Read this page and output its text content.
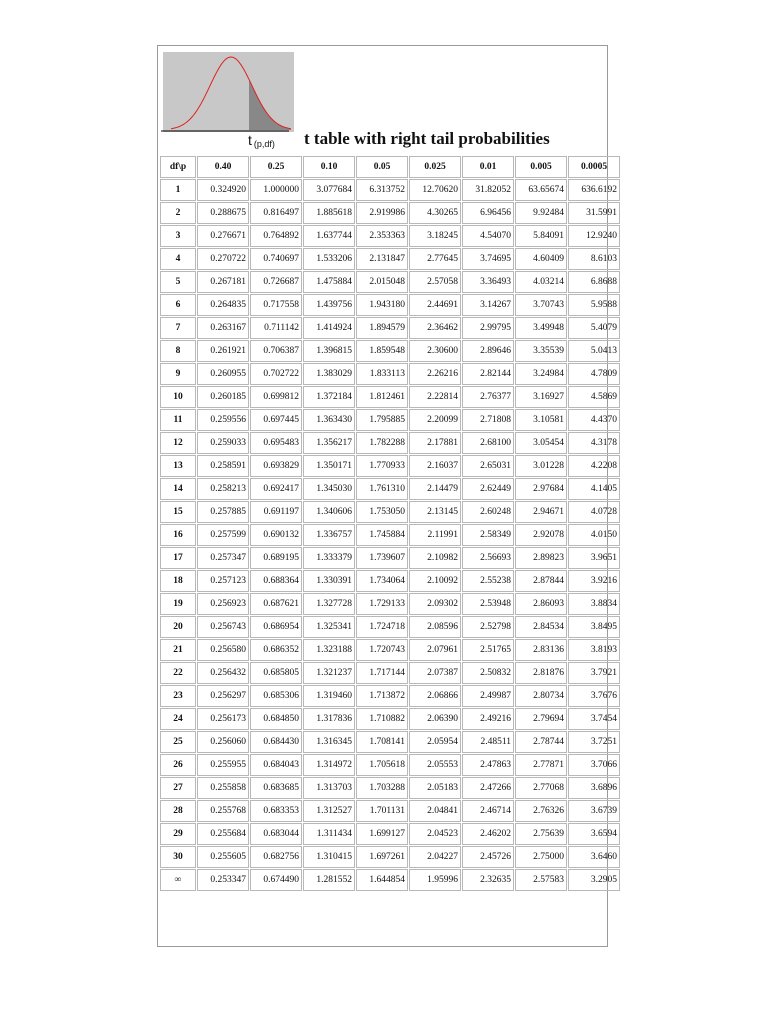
t (p,df) t table with right tail probabilities
df\p	0.40	0.25	0.10	0.05	0.025	0.01	0.005	0.0005
1	0.324920	1.000000	3.077684	6.313752	12.70620	31.82052	63.65674	636.6192
2	0.288675	0.816497	1.885618	2.919986	4.30265	6.96456	9.92484	31.5991
3	0.276671	0.764892	1.637744	2.353363	3.18245	4.54070	5.84091	12.9240
4	0.270722	0.740697	1.533206	2.131847	2.77645	3.74695	4.60409	8.6103
5	0.267181	0.726687	1.475884	2.015048	2.57058	3.36493	4.03214	6.8688
6	0.264835	0.717558	1.439756	1.943180	2.44691	3.14267	3.70743	5.9588
7	0.263167	0.711142	1.414924	1.894579	2.36462	2.99795	3.49948	5.4079
8	0.261921	0.706387	1.396815	1.859548	2.30600	2.89646	3.35539	5.0413
9	0.260955	0.702722	1.383029	1.833113	2.26216	2.82144	3.24984	4.7809
10	0.260185	0.699812	1.372184	1.812461	2.22814	2.76377	3.16927	4.5869
11	0.259556	0.697445	1.363430	1.795885	2.20099	2.71808	3.10581	4.4370
12	0.259033	0.695483	1.356217	1.782288	2.17881	2.68100	3.05454	4.3178
13	0.258591	0.693829	1.350171	1.770933	2.16037	2.65031	3.01228	4.2208
14	0.258213	0.692417	1.345030	1.761310	2.14479	2.62449	2.97684	4.1405
15	0.257885	0.691197	1.340606	1.753050	2.13145	2.60248	2.94671	4.0728
16	0.257599	0.690132	1.336757	1.745884	2.11991	2.58349	2.92078	4.0150
17	0.257347	0.689195	1.333379	1.739607	2.10982	2.56693	2.89823	3.9651
18	0.257123	0.688364	1.330391	1.734064	2.10092	2.55238	2.87844	3.9216
19	0.256923	0.687621	1.327728	1.729133	2.09302	2.53948	2.86093	3.8834
20	0.256743	0.686954	1.325341	1.724718	2.08596	2.52798	2.84534	3.8495
21	0.256580	0.686352	1.323188	1.720743	2.07961	2.51765	2.83136	3.8193
22	0.256432	0.685805	1.321237	1.717144	2.07387	2.50832	2.81876	3.7921
23	0.256297	0.685306	1.319460	1.713872	2.06866	2.49987	2.80734	3.7676
24	0.256173	0.684850	1.317836	1.710882	2.06390	2.49216	2.79694	3.7454
25	0.256060	0.684430	1.316345	1.708141	2.05954	2.48511	2.78744	3.7251
26	0.255955	0.684043	1.314972	1.705618	2.05553	2.47863	2.77871	3.7066
27	0.255858	0.683685	1.313703	1.703288	2.05183	2.47266	2.77068	3.6896
28	0.255768	0.683353	1.312527	1.701131	2.04841	2.46714	2.76326	3.6739
29	0.255684	0.683044	1.311434	1.699127	2.04523	2.46202	2.75639	3.6594
30	0.255605	0.682756	1.310415	1.697261	2.04227	2.45726	2.75000	3.6460
∞	0.253347	0.674490	1.281552	1.644854	1.95996	2.32635	2.57583	3.2905
